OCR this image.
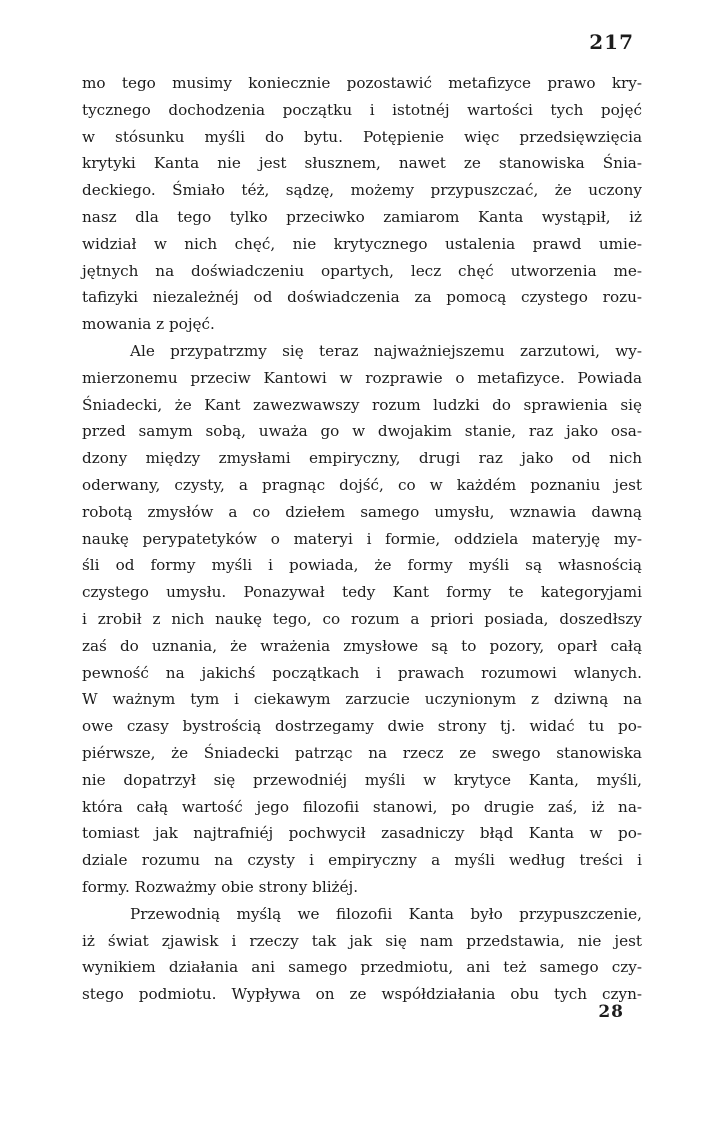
217
mo tego musimy koniecznie pozostawić metafizyce prawo kry-
tycznego dochodzenia początku i istotnéj wartości tych pojęć
w stósunku myśli do bytu. Potępienie więc przedsięwzięcia
krytyki Kanta nie jest słusznem, nawet ze stanowiska Śnia-
deckiego. Śmiało téż, sądzę, możemy przypuszczać, że uczony
nasz dla tego tylko przeciwko zamiarom Kanta wystąpił, iż
widział w nich chęć, nie krytycznego ustalenia prawd umie-
jętnych na doświadczeniu opartych, lecz chęć utworzenia me-
tafizyki niezależnéj od doświadczenia za pomocą czystego rozu-
mowania z pojęć.
Ale przypatrzmy się teraz najważniejszemu zarzutowi, wy-
mierzonemu przeciw Kantowi w rozprawie o metafizyce. Powiada
Śniadecki, że Kant zawezwawszy rozum ludzki do sprawienia się
przed samym sobą, uważa go w dwojakim stanie, raz jako osa-
dzony między zmysłami empiryczny, drugi raz jako od nich
oderwany, czysty, a pragnąc dojść, co w każdém poznaniu jest
robotą zmysłów a co dziełem samego umysłu, wznawia dawną
naukę perypatetyków o materyi i formie, oddziela materyję my-
śli od formy myśli i powiada, że formy myśli są własnością
czystego umysłu. Ponazywał tedy Kant formy te kategoryjami
i zrobił z nich naukę tego, co rozum a priori posiada, doszedłszy
zaś do uznania, że wrażenia zmysłowe są to pozory, oparł całą
pewność na jakichś początkach i prawach rozumowi wlanych.
W ważnym tym i ciekawym zarzucie uczynionym z dziwną na
owe czasy bystrością dostrzegamy dwie strony tj. widać tu po-
piérwsze, że Śniadecki patrząc na rzecz ze swego stanowiska
nie dopatrzył się przewodniéj myśli w krytyce Kanta, myśli,
która całą wartość jego filozofii stanowi, po drugie zaś, iż na-
tomiast jak najtrafniéj pochwycił zasadniczy błąd Kanta w po-
dziale rozumu na czysty i empiryczny a myśli według treści i
formy. Rozważmy obie strony bliżéj.
Przewodnią myślą we filozofii Kanta było przypuszczenie,
iż świat zjawisk i rzeczy tak jak się nam przedstawia, nie jest
wynikiem działania ani samego przedmiotu, ani też samego czy-
stego podmiotu. Wypływa on ze współdziałania obu tych czyn-
28
